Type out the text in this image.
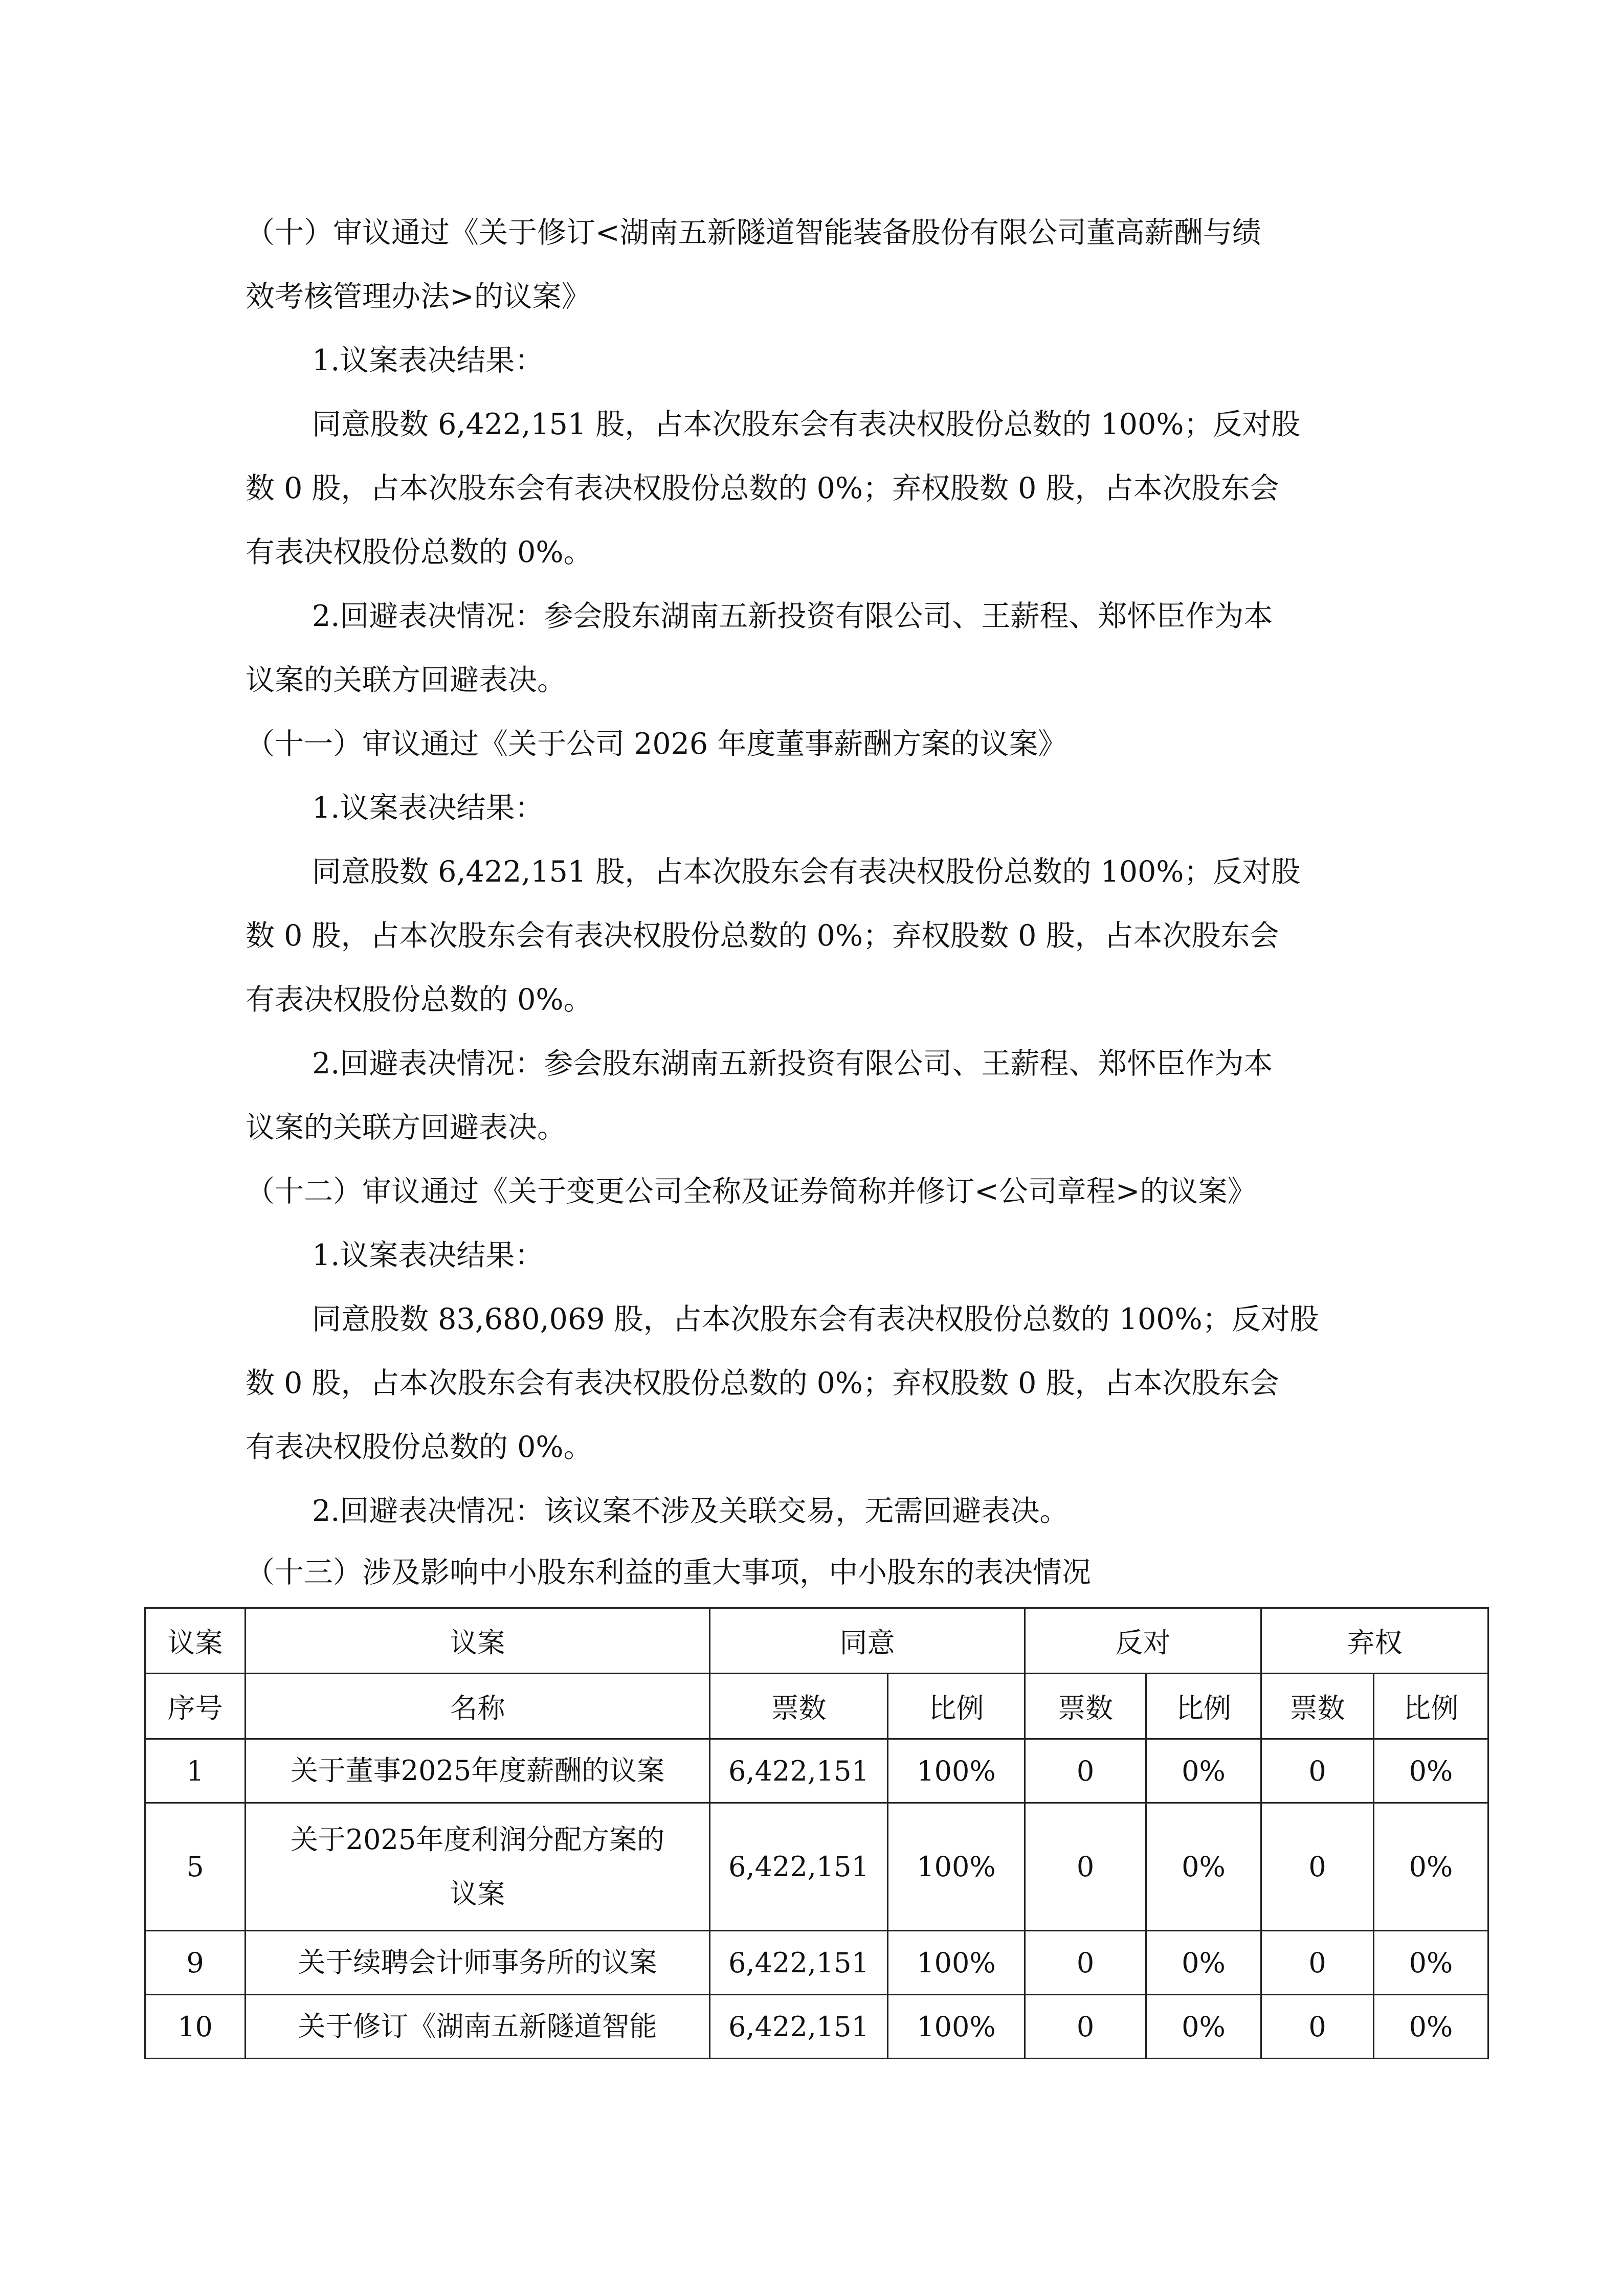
（十）审议通过《关于修订<湖南五新隧道智能装备股份有限公司董高薪酬与绩
效考核管理办法>的议案》
1.议案表决结果：
同意股数 6,422,151 股，占本次股东会有表决权股份总数的 100%；反对股
数 0 股，占本次股东会有表决权股份总数的 0%；弃权股数 0 股，占本次股东会
有表决权股份总数的 0%。
2.回避表决情况：参会股东湖南五新投资有限公司、王薪程、郑怀臣作为本
议案的关联方回避表决。
（十一）审议通过《关于公司 2026 年度董事薪酬方案的议案》
1.议案表决结果：
同意股数 6,422,151 股，占本次股东会有表决权股份总数的 100%；反对股
数 0 股，占本次股东会有表决权股份总数的 0%；弃权股数 0 股，占本次股东会
有表决权股份总数的 0%。
2.回避表决情况：参会股东湖南五新投资有限公司、王薪程、郑怀臣作为本
议案的关联方回避表决。
（十二）审议通过《关于变更公司全称及证券简称并修订<公司章程>的议案》
1.议案表决结果：
同意股数 83,680,069 股，占本次股东会有表决权股份总数的 100%；反对股
数 0 股，占本次股东会有表决权股份总数的 0%；弃权股数 0 股，占本次股东会
有表决权股份总数的 0%。
2.回避表决情况：该议案不涉及关联交易，无需回避表决。
（十三）涉及影响中小股东利益的重大事项，中小股东的表决情况
议案	议案	同意		反对		弃权	
序号	名称	票数	比例	票数	比例	票数	比例
1	关于董事2025年度薪酬的议案	6,422,151	100%	0	0%	0	0%
5	关于2025年度利润分配方案的
议案	6,422,151	100%	0	0%	0	0%
9	关于续聘会计师事务所的议案	6,422,151	100%	0	0%	0	0%
10	关于修订《湖南五新隧道智能	6,422,151	100%	0	0%	0	0%
